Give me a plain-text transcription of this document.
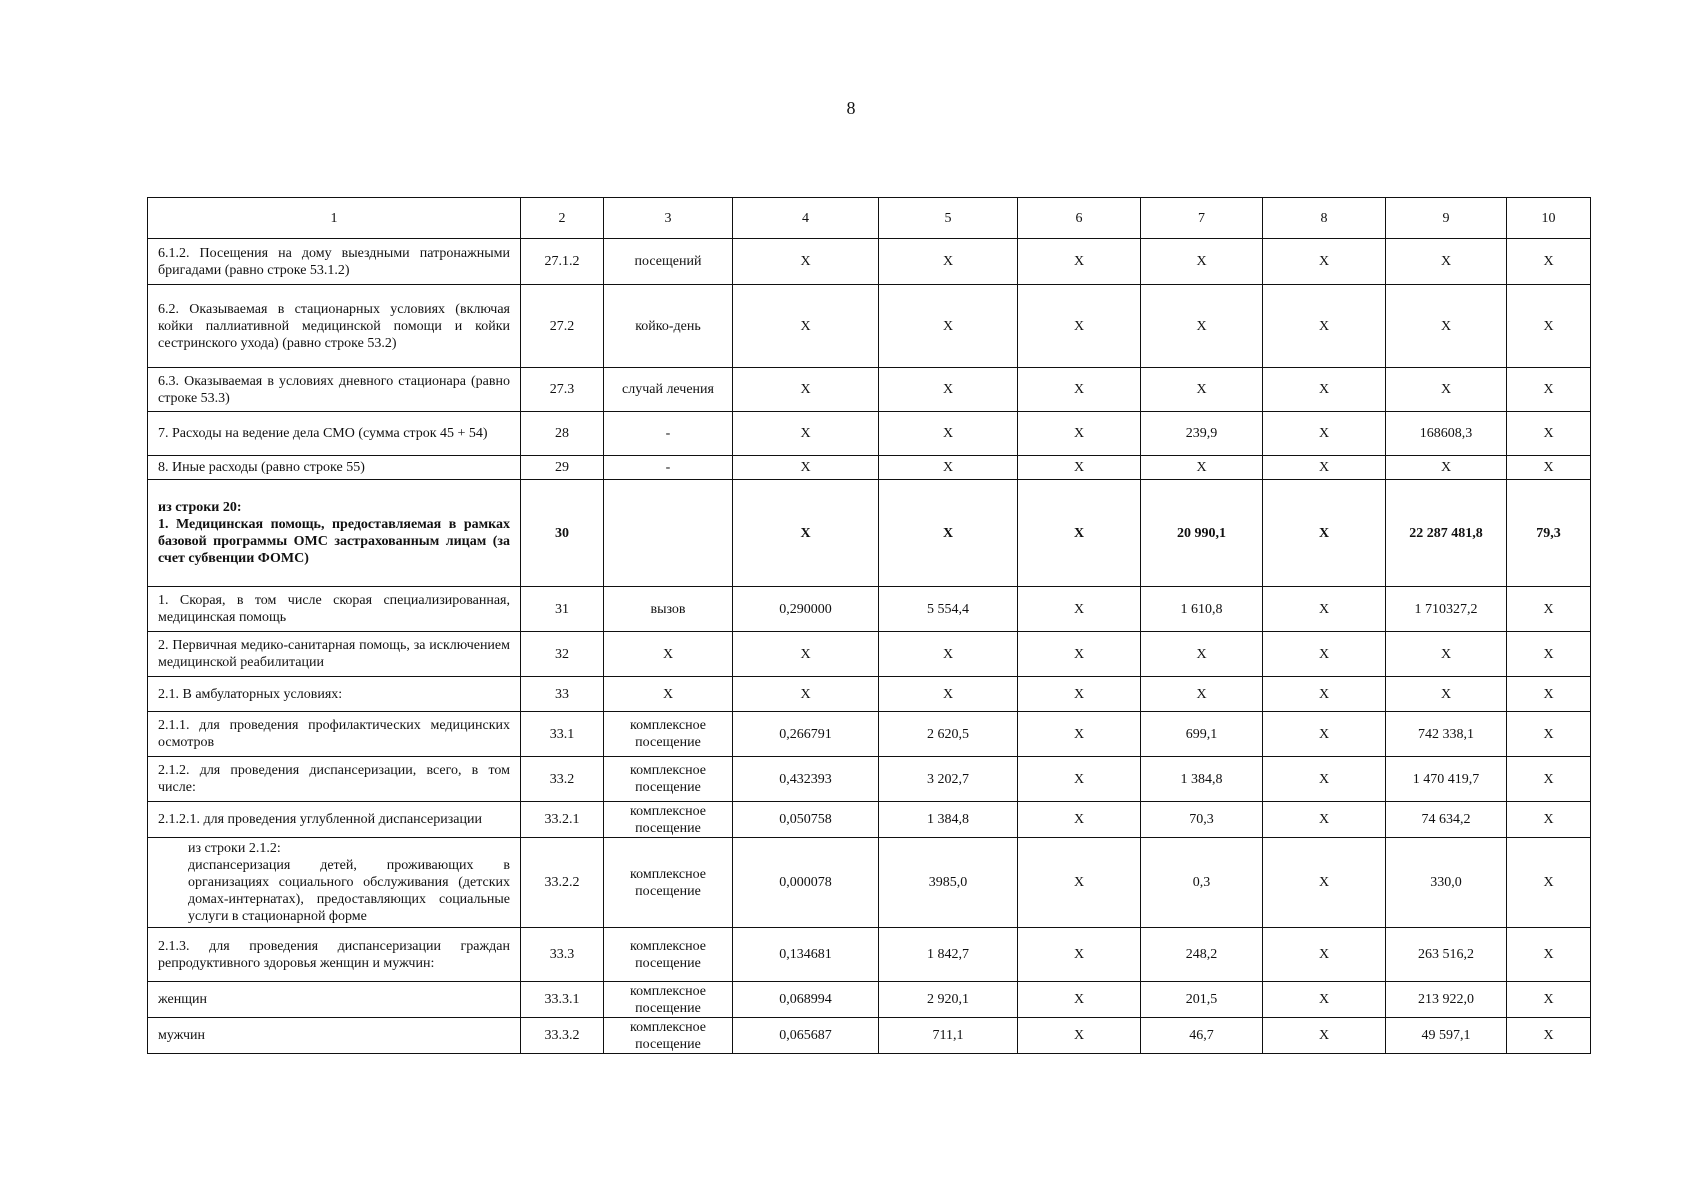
8
1	2	3	4	5	6	7	8	9	10
6.1.2. Посещения на дому выездными патронажными бригадами (равно строке 53.1.2)	27.1.2	посещений	Х	Х	Х	Х	Х	Х	Х
6.2. Оказываемая в стационарных условиях (включая койки паллиативной медицинской помощи и койки сестринского ухода) (равно строке 53.2)	27.2	койко-день	Х	Х	Х	Х	Х	Х	Х
6.3. Оказываемая в условиях дневного стационара (равно строке 53.3)	27.3	случай лечения	Х	Х	Х	Х	Х	Х	Х
7. Расходы на ведение дела СМО (сумма строк 45 + 54)	28	-	Х	Х	Х	239,9	Х	168608,3	Х
8. Иные расходы (равно строке 55)	29	-	Х	Х	Х	Х	Х	Х	Х
из строки 20:
1. Медицинская помощь, предоставляемая в рамках базовой программы ОМС застрахованным лицам (за счет субвенции ФОМС)	30		Х	Х	Х	20 990,1	Х	22 287 481,8	79,3
1. Скорая, в том числе скорая специализированная, медицинская помощь	31	вызов	0,290000	5 554,4	Х	1 610,8	Х	1 710327,2	Х
2. Первичная медико-санитарная помощь, за исключением медицинской реабилитации	32	Х	Х	Х	Х	Х	Х	Х	Х
2.1. В амбулаторных условиях:	33	Х	Х	Х	Х	Х	Х	Х	Х
2.1.1. для проведения профилактических медицинских осмотров	33.1	комплексное посещение	0,266791	2 620,5	Х	699,1	Х	742 338,1	Х
2.1.2. для проведения диспансеризации, всего, в том числе:	33.2	комплексное посещение	0,432393	3 202,7	Х	1 384,8	Х	1 470 419,7	Х
2.1.2.1. для проведения углубленной диспансеризации	33.2.1	комплексное посещение	0,050758	1 384,8	Х	70,3	Х	74 634,2	Х
из строки 2.1.2:
диспансеризация детей, проживающих в организациях социального обслуживания (детских домах-интернатах), предоставляющих социальные услуги в стационарной форме	33.2.2	комплексное посещение	0,000078	3985,0	Х	0,3	Х	330,0	Х
2.1.3. для проведения диспансеризации граждан репродуктивного здоровья женщин и мужчин:	33.3	комплексное посещение	0,134681	1 842,7	Х	248,2	Х	263 516,2	Х
женщин	33.3.1	комплексное посещение	0,068994	2 920,1	Х	201,5	Х	213 922,0	Х
мужчин	33.3.2	комплексное посещение	0,065687	711,1	Х	46,7	Х	49 597,1	Х
